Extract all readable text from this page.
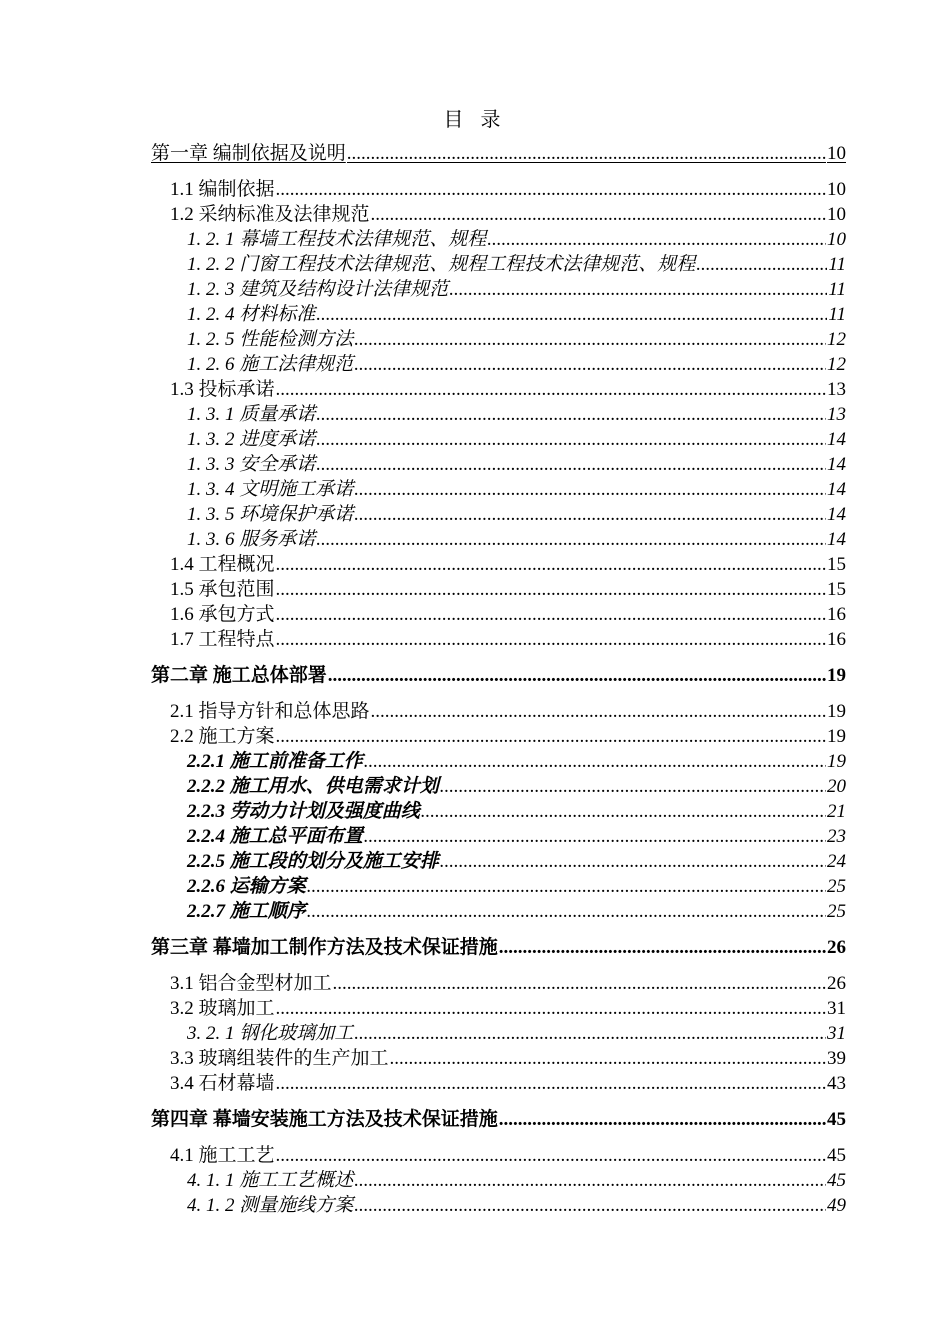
目 录
第一章 编制依据及说明 .....	10
1.1 编制依据 .....	10
1.2 采纳标准及法律规范 .....	10
1. 2. 1 幕墙工程技术法律规范、规程 .....	10
1. 2. 2 门窗工程技术法律规范、规程工程技术法律规范、规程 .....	11
1. 2. 3 建筑及结构设计法律规范 .....	11
1. 2. 4 材料标准 .....	11
1. 2. 5 性能检测方法 .....	12
1. 2. 6 施工法律规范 .....	12
1.3 投标承诺 .....	13
1. 3. 1 质量承诺 .....	13
1. 3. 2 进度承诺 .....	14
1. 3. 3 安全承诺 .....	14
1. 3. 4 文明施工承诺 .....	14
1. 3. 5 环境保护承诺 .....	14
1. 3. 6 服务承诺 .....	14
1.4 工程概况 .....	15
1.5 承包范围 .....	15
1.6 承包方式 .....	16
1.7 工程特点 .....	16
第二章 施工总体部署 .....	19
2.1 指导方针和总体思路 .....	19
2.2 施工方案 .....	19
2.2.1 施工前准备工作 .....	19
2.2.2 施工用水、供电需求计划 .....	20
2.2.3 劳动力计划及强度曲线 .....	21
2.2.4 施工总平面布置 .....	23
2.2.5 施工段的划分及施工安排 .....	24
2.2.6 运输方案 .....	25
2.2.7 施工顺序 .....	25
第三章 幕墙加工制作方法及技术保证措施 .....	26
3.1 铝合金型材加工 .....	26
3.2 玻璃加工 .....	31
3. 2. 1 钢化玻璃加工 .....	31
3.3 玻璃组装件的生产加工 .....	39
3.4 石材幕墙 .....	43
第四章 幕墙安装施工方法及技术保证措施 .....	45
4.1 施工工艺 .....	45
4. 1. 1 施工工艺概述 .....	45
4. 1. 2 测量施线方案 .....	49
